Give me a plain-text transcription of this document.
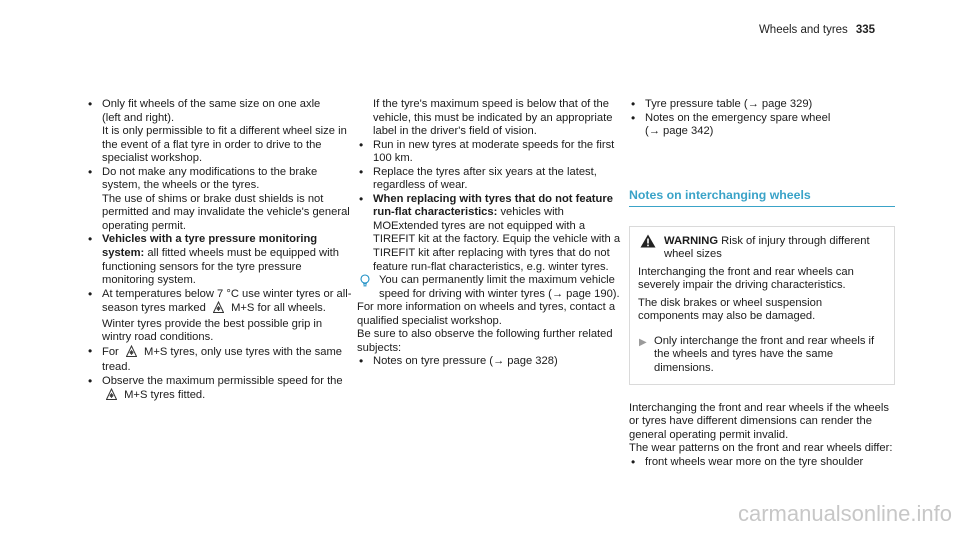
Wheels and tyres 335
• Only fit wheels of the same size on one axle
(left and right).
It is only permissible to fit a different wheel size in the event of a flat tyre in order to drive to the specialist workshop.
• Do not make any modifications to the brake system, the wheels or the tyres.
The use of shims or brake dust shields is not permitted and may invalidate the vehicle's general operating permit.
• Vehicles with a tyre pressure monitoring system: all fitted wheels must be equipped with functioning sensors for the tyre pressure monitoring system.
• At temperatures below 7 °C use winter tyres or all-season tyres marked M+S for all wheels.
Winter tyres provide the best possible grip in wintry road conditions.
• For M+S tyres, only use tyres with the same tread.
• Observe the maximum permissible speed for the  M+S tyres fitted.
If the tyre's maximum speed is below that of the vehicle, this must be indicated by an appropriate label in the driver's field of vision.
• Run in new tyres at moderate speeds for the first 100 km.
• Replace the tyres after six years at the latest, regardless of wear.
• When replacing with tyres that do not feature run-flat characteristics: vehicles with MOExtended tyres are not equipped with a TIREFIT kit at the factory. Equip the vehicle with a TIREFIT kit after replacing with tyres that do not feature run-flat characteristics, e.g. winter tyres.
You can permanently limit the maximum vehicle speed for driving with winter tyres (→ page 190).
For more information on wheels and tyres, contact a qualified specialist workshop.
Be sure to also observe the following further related subjects:
• Notes on tyre pressure (→ page 328)
• Tyre pressure table (→ page 329)
• Notes on the emergency spare wheel
(→ page 342)
Notes on interchanging wheels
WARNING Risk of injury through different wheel sizes
Interchanging the front and rear wheels can severely impair the driving characteristics.
The disk brakes or wheel suspension components may also be damaged.
▶ Only interchange the front and rear wheels if the wheels and tyres have the same dimensions.
Interchanging the front and rear wheels if the wheels or tyres have different dimensions can render the general operating permit invalid.
The wear patterns on the front and rear wheels differ:
• front wheels wear more on the tyre shoulder
carmanualsonline.info
